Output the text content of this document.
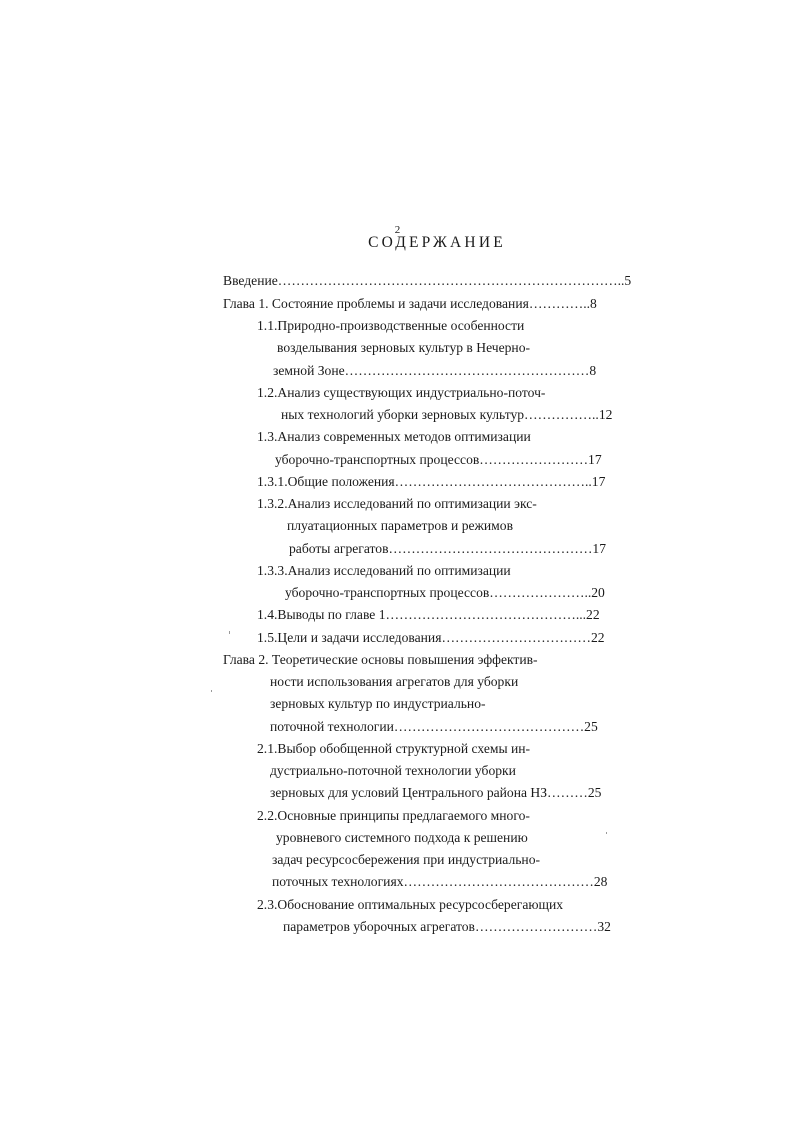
2
СОДЕРЖАНИЕ
Введение…………………………………………………………………..5
Глава 1. Состояние проблемы и задачи исследования…………..8
1.1.Природно-производственные особенности
возделывания зерновых культур в Нечерно-
земной Зоне………………………………………………8
1.2.Анализ существующих индустриально-поточ-
ных технологий уборки зерновых культур……………..12
1.3.Анализ современных методов оптимизации
уборочно-транспортных процессов……………………17
1.3.1.Общие положения……………………………………..17
1.3.2.Анализ исследований по оптимизации экс-
плуатационных параметров и режимов
работы агрегатов………………………………………17
1.3.3.Анализ исследований по оптимизации
уборочно-транспортных процессов…………………..20
1.4.Выводы по главе 1……………………………………...22
1.5.Цели и задачи исследования……………………………22
Глава 2. Теоретические основы повышения эффектив-
ности использования агрегатов для уборки
зерновых культур по индустриально-
поточной технологии……………………………………25
2.1.Выбор обобщенной структурной схемы ин-
дустриально-поточной технологии уборки
зерновых для условий Центрального района НЗ………25
2.2.Основные принципы предлагаемого много-
уровневого системного подхода к решению
задач ресурсосбережения при индустриально-
поточных технологиях……………………………………28
2.3.Обоснование оптимальных ресурсосберегающих
параметров уборочных агрегатов………………………32
